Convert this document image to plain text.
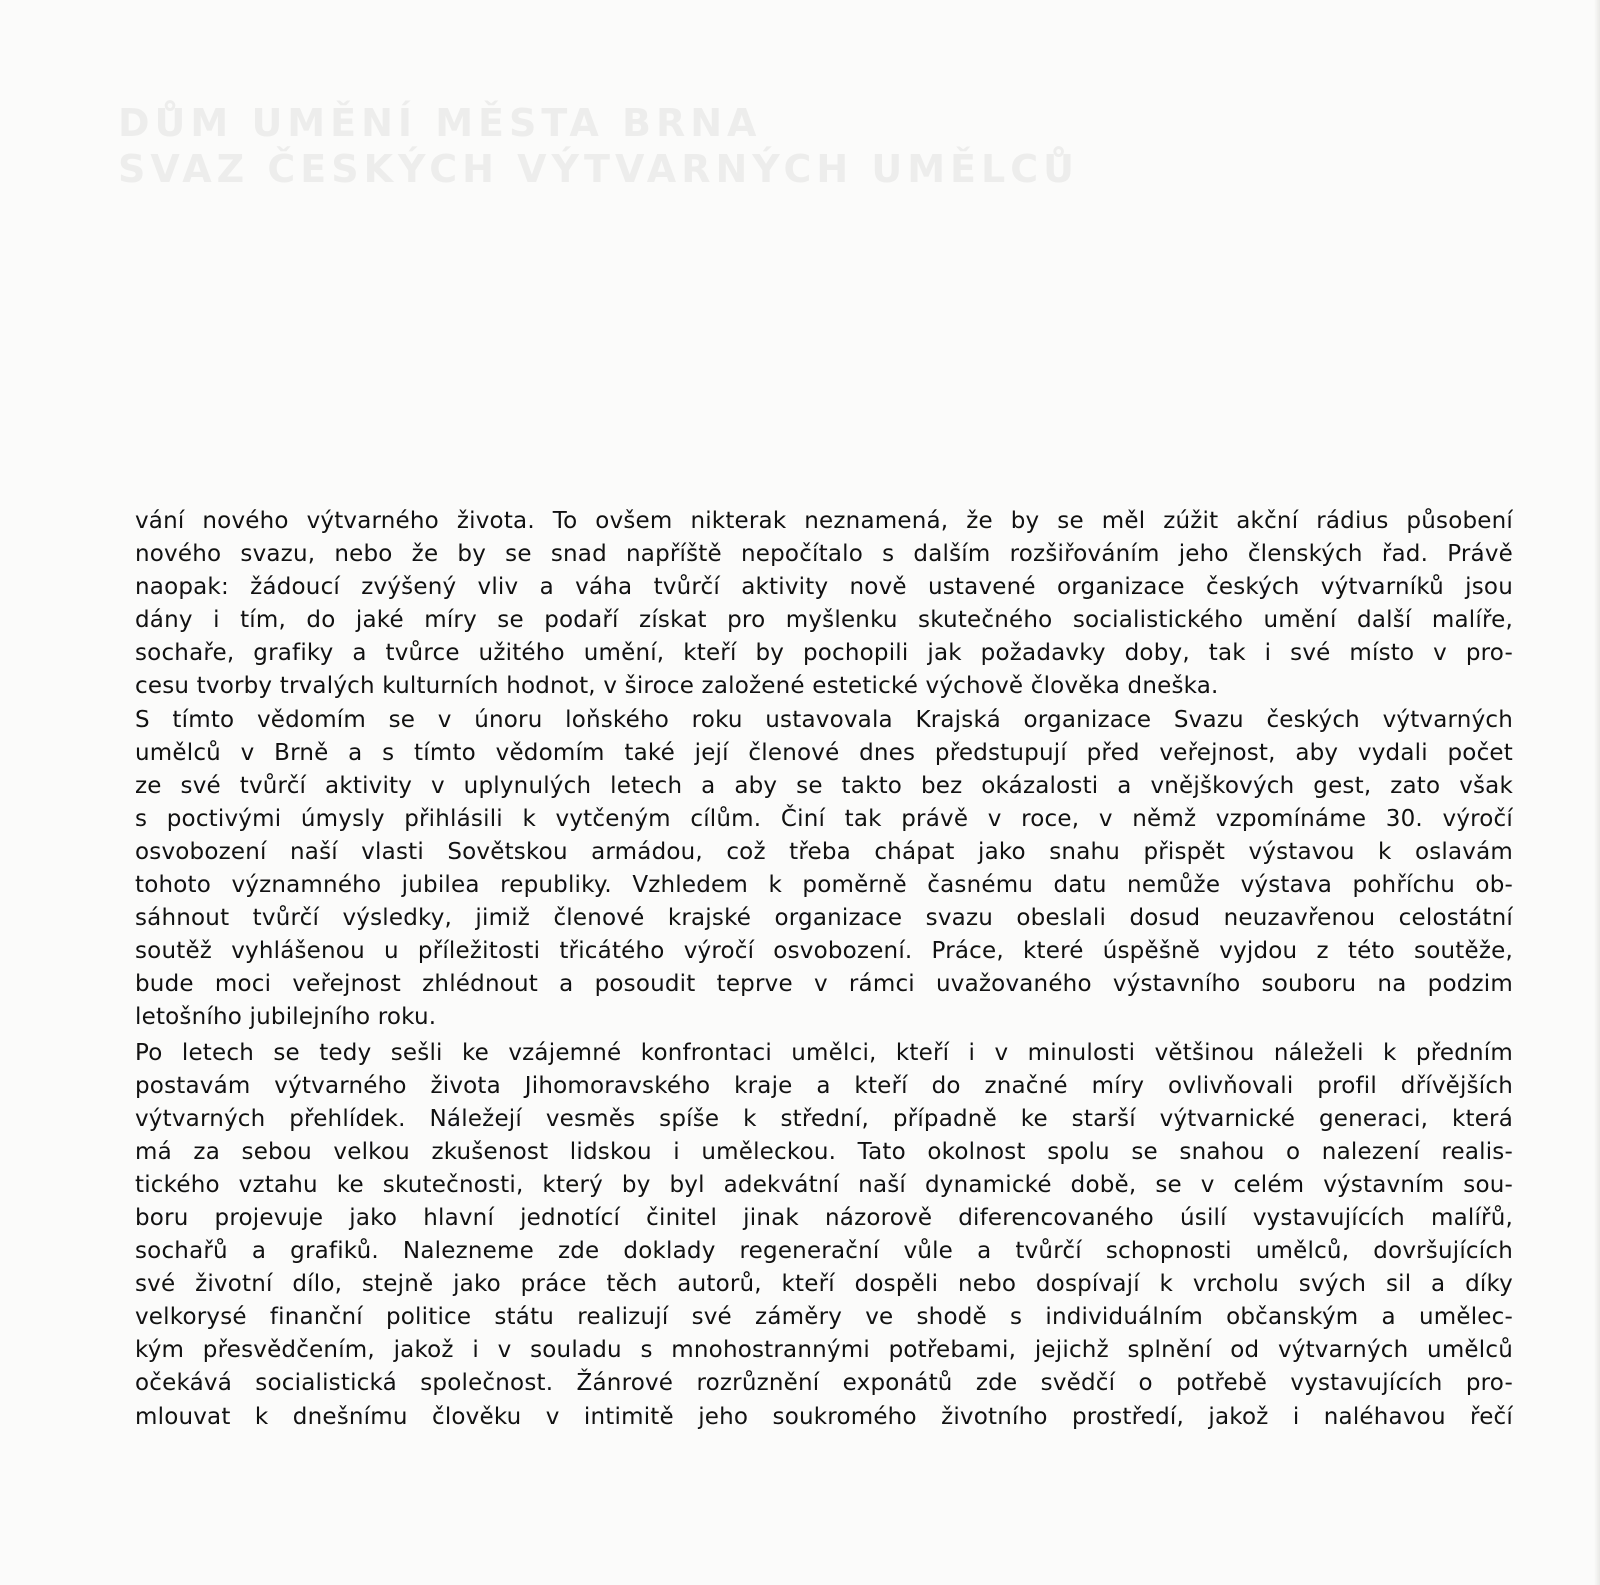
DŮM UMĚNÍ MĚSTA BRNA
SVAZ ČESKÝCH VÝTVARNÝCH UMĚLCŮ
vání nového výtvarného života. To ovšem nikterak neznamená, že by se měl zúžit akční rádius působení
nového svazu, nebo že by se snad napříště nepočítalo s dalším rozšiřováním jeho členských řad. Právě
naopak: žádoucí zvýšený vliv a váha tvůrčí aktivity nově ustavené organizace českých výtvarníků jsou
dány i tím, do jaké míry se podaří získat pro myšlenku skutečného socialistického umění další malíře,
sochaře, grafiky a tvůrce užitého umění, kteří by pochopili jak požadavky doby, tak i své místo v pro-
cesu tvorby trvalých kulturních hodnot, v široce založené estetické výchově člověka dneška.
S tímto vědomím se v únoru loňského roku ustavovala Krajská organizace Svazu českých výtvarných
umělců v Brně a s tímto vědomím také její členové dnes předstupují před veřejnost, aby vydali počet
ze své tvůrčí aktivity v uplynulých letech a aby se takto bez okázalosti a vnějškových gest, zato však
s poctivými úmysly přihlásili k vytčeným cílům. Činí tak právě v roce, v němž vzpomínáme 30. výročí
osvobození naší vlasti Sovětskou armádou, což třeba chápat jako snahu přispět výstavou k oslavám
tohoto významného jubilea republiky. Vzhledem k poměrně časnému datu nemůže výstava pohříchu ob-
sáhnout tvůrčí výsledky, jimiž členové krajské organizace svazu obeslali dosud neuzavřenou celostátní
soutěž vyhlášenou u příležitosti třicátého výročí osvobození. Práce, které úspěšně vyjdou z této soutěže,
bude moci veřejnost zhlédnout a posoudit teprve v rámci uvažovaného výstavního souboru na podzim
letošního jubilejního roku.
Po letech se tedy sešli ke vzájemné konfrontaci umělci, kteří i v minulosti většinou náleželi k předním
postavám výtvarného života Jihomoravského kraje a kteří do značné míry ovlivňovali profil dřívějších
výtvarných přehlídek. Náležejí vesměs spíše k střední, případně ke starší výtvarnické generaci, která
má za sebou velkou zkušenost lidskou i uměleckou. Tato okolnost spolu se snahou o nalezení realis-
tického vztahu ke skutečnosti, který by byl adekvátní naší dynamické době, se v celém výstavním sou-
boru projevuje jako hlavní jednotící činitel jinak názorově diferencovaného úsilí vystavujících malířů,
sochařů a grafiků. Nalezneme zde doklady regenerační vůle a tvůrčí schopnosti umělců, dovršujících
své životní dílo, stejně jako práce těch autorů, kteří dospěli nebo dospívají k vrcholu svých sil a díky
velkorysé finanční politice státu realizují své záměry ve shodě s individuálním občanským a umělec-
kým přesvědčením, jakož i v souladu s mnohostrannými potřebami, jejichž splnění od výtvarných umělců
očekává socialistická společnost. Žánrové rozrůznění exponátů zde svědčí o potřebě vystavujících pro-
mlouvat k dnešnímu člověku v intimitě jeho soukromého životního prostředí, jakož i naléhavou řečí
